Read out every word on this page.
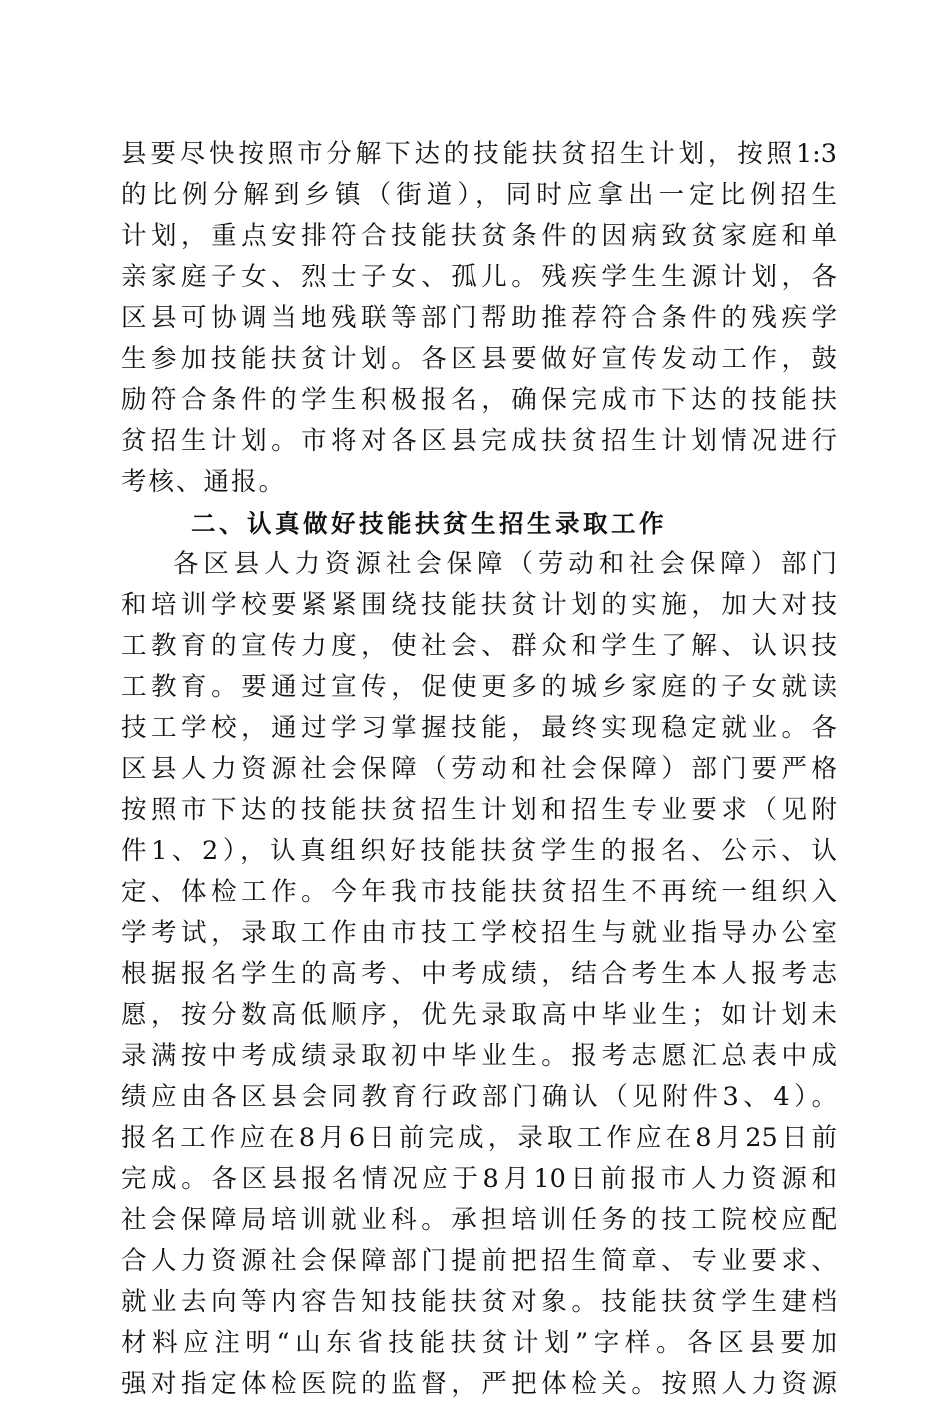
县要尽快按照市分解下达的技能扶贫招生计划，按照1:3
的比例分解到乡镇（街道），同时应拿出一定比例招生
计划，重点安排符合技能扶贫条件的因病致贫家庭和单
亲家庭子女、烈士子女、孤儿。残疾学生生源计划，各
区县可协调当地残联等部门帮助推荐符合条件的残疾学
生参加技能扶贫计划。各区县要做好宣传发动工作，鼓
励符合条件的学生积极报名，确保完成市下达的技能扶
贫招生计划。市将对各区县完成扶贫招生计划情况进行
考核、通报。
二、认真做好技能扶贫生招生录取工作
各区县人力资源社会保障（劳动和社会保障）部门
和培训学校要紧紧围绕技能扶贫计划的实施，加大对技
工教育的宣传力度，使社会、群众和学生了解、认识技
工教育。要通过宣传，促使更多的城乡家庭的子女就读
技工学校，通过学习掌握技能，最终实现稳定就业。各
区县人力资源社会保障（劳动和社会保障）部门要严格
按照市下达的技能扶贫招生计划和招生专业要求（见附
件1、2），认真组织好技能扶贫学生的报名、公示、认
定、体检工作。今年我市技能扶贫招生不再统一组织入
学考试，录取工作由市技工学校招生与就业指导办公室
根据报名学生的高考、中考成绩，结合考生本人报考志
愿，按分数高低顺序，优先录取高中毕业生；如计划未
录满按中考成绩录取初中毕业生。报考志愿汇总表中成
绩应由各区县会同教育行政部门确认（见附件3、4）。
报名工作应在8月6日前完成，录取工作应在8月25日前
完成。各区县报名情况应于8月10日前报市人力资源和
社会保障局培训就业科。承担培训任务的技工院校应配
合人力资源社会保障部门提前把招生简章、专业要求、
就业去向等内容告知技能扶贫对象。技能扶贫学生建档
材料应注明“山东省技能扶贫计划”字样。各区县要加
强对指定体检医院的监督，严把体检关。按照人力资源
